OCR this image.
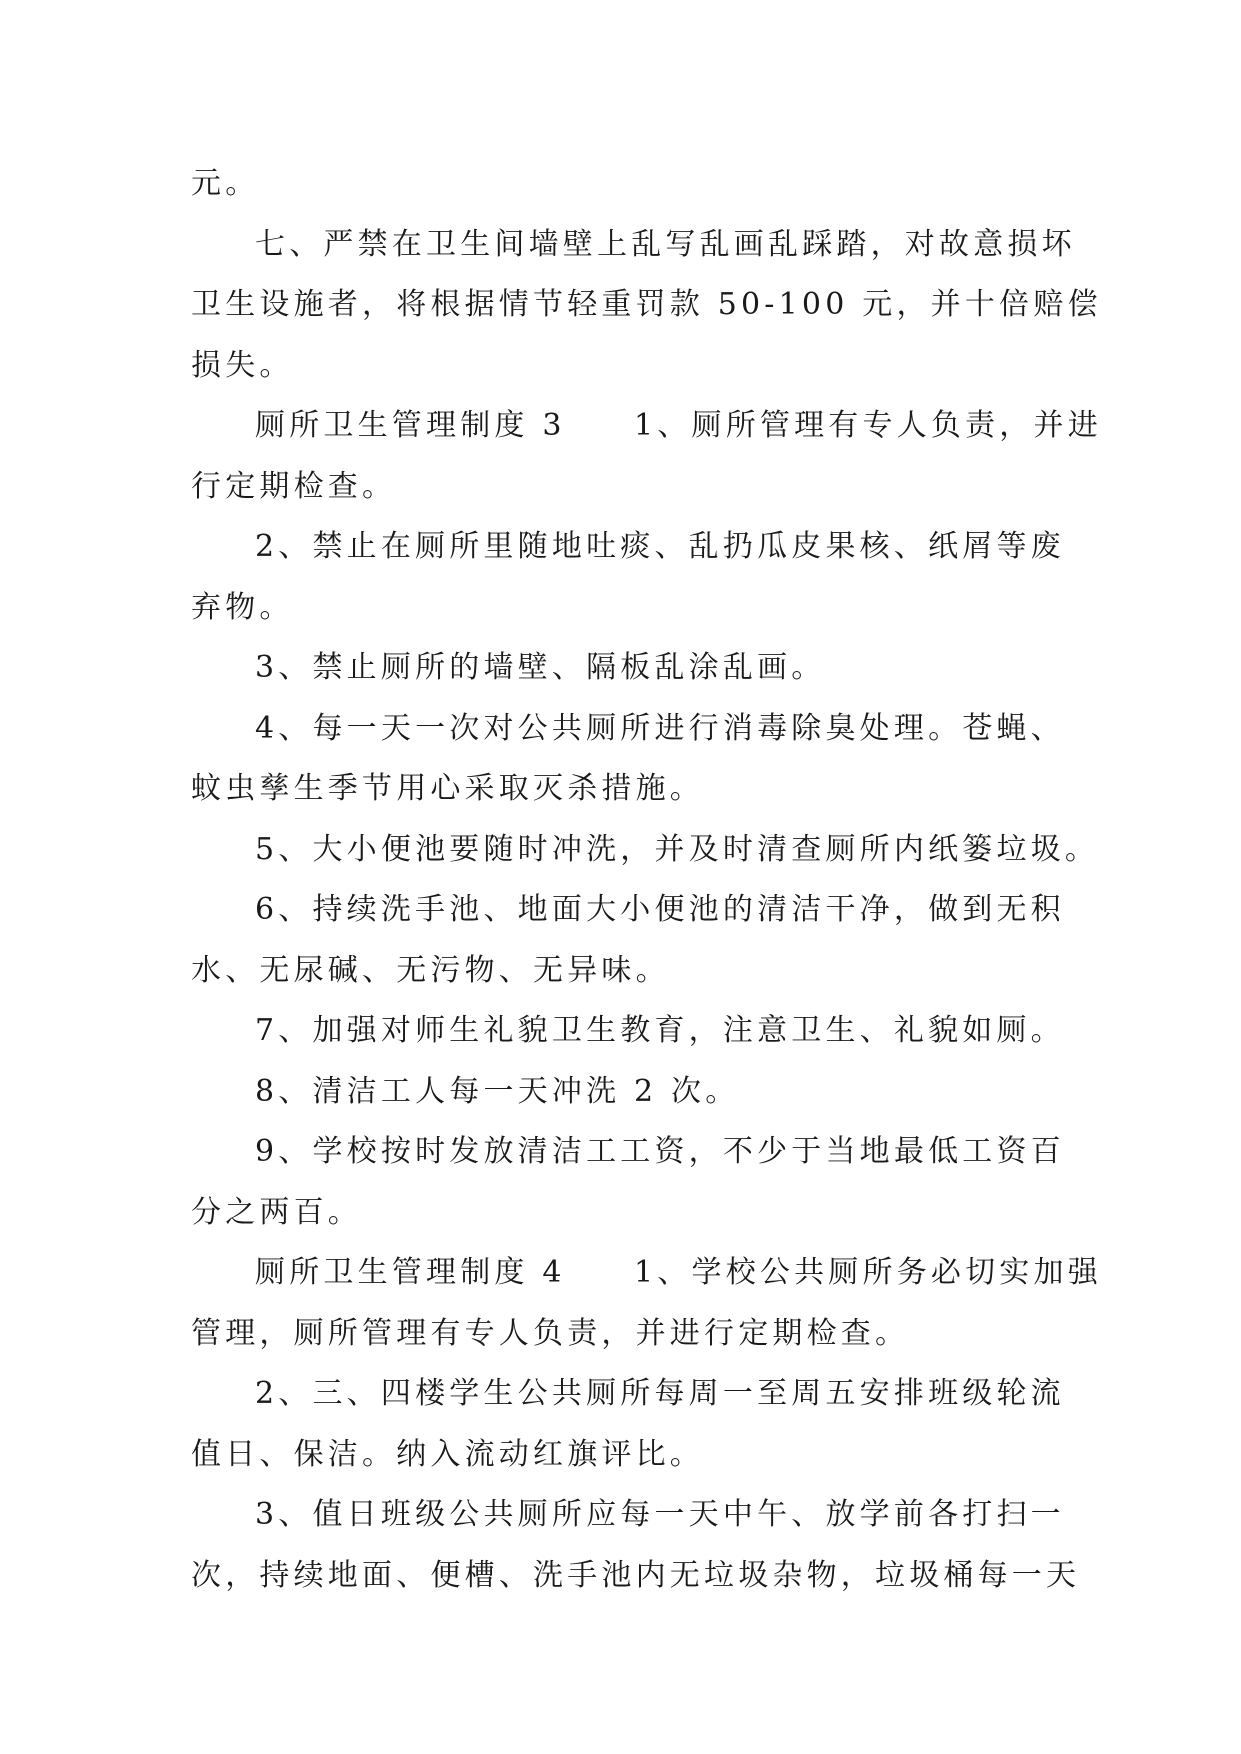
元。

七、严禁在卫生间墙壁上乱写乱画乱踩踏，对故意损坏

卫生设施者，将根据情节轻重罚款 50-100 元，并十倍赔偿

损失。

厕所卫生管理制度 3　　1、厕所管理有专人负责，并进

行定期检查。

2、禁止在厕所里随地吐痰、乱扔瓜皮果核、纸屑等废

弃物。

3、禁止厕所的墙壁、隔板乱涂乱画。

4、每一天一次对公共厕所进行消毒除臭处理。苍蝇、

蚊虫孳生季节用心采取灭杀措施。

5、大小便池要随时冲洗，并及时清查厕所内纸篓垃圾。

6、持续洗手池、地面大小便池的清洁干净，做到无积

水、无尿碱、无污物、无异味。

7、加强对师生礼貌卫生教育，注意卫生、礼貌如厕。

8、清洁工人每一天冲洗 2 次。

9、学校按时发放清洁工工资，不少于当地最低工资百

分之两百。

厕所卫生管理制度 4　　1、学校公共厕所务必切实加强

管理，厕所管理有专人负责，并进行定期检查。

2、三、四楼学生公共厕所每周一至周五安排班级轮流

值日、保洁。纳入流动红旗评比。

3、值日班级公共厕所应每一天中午、放学前各打扫一

次，持续地面、便槽、洗手池内无垃圾杂物，垃圾桶每一天
